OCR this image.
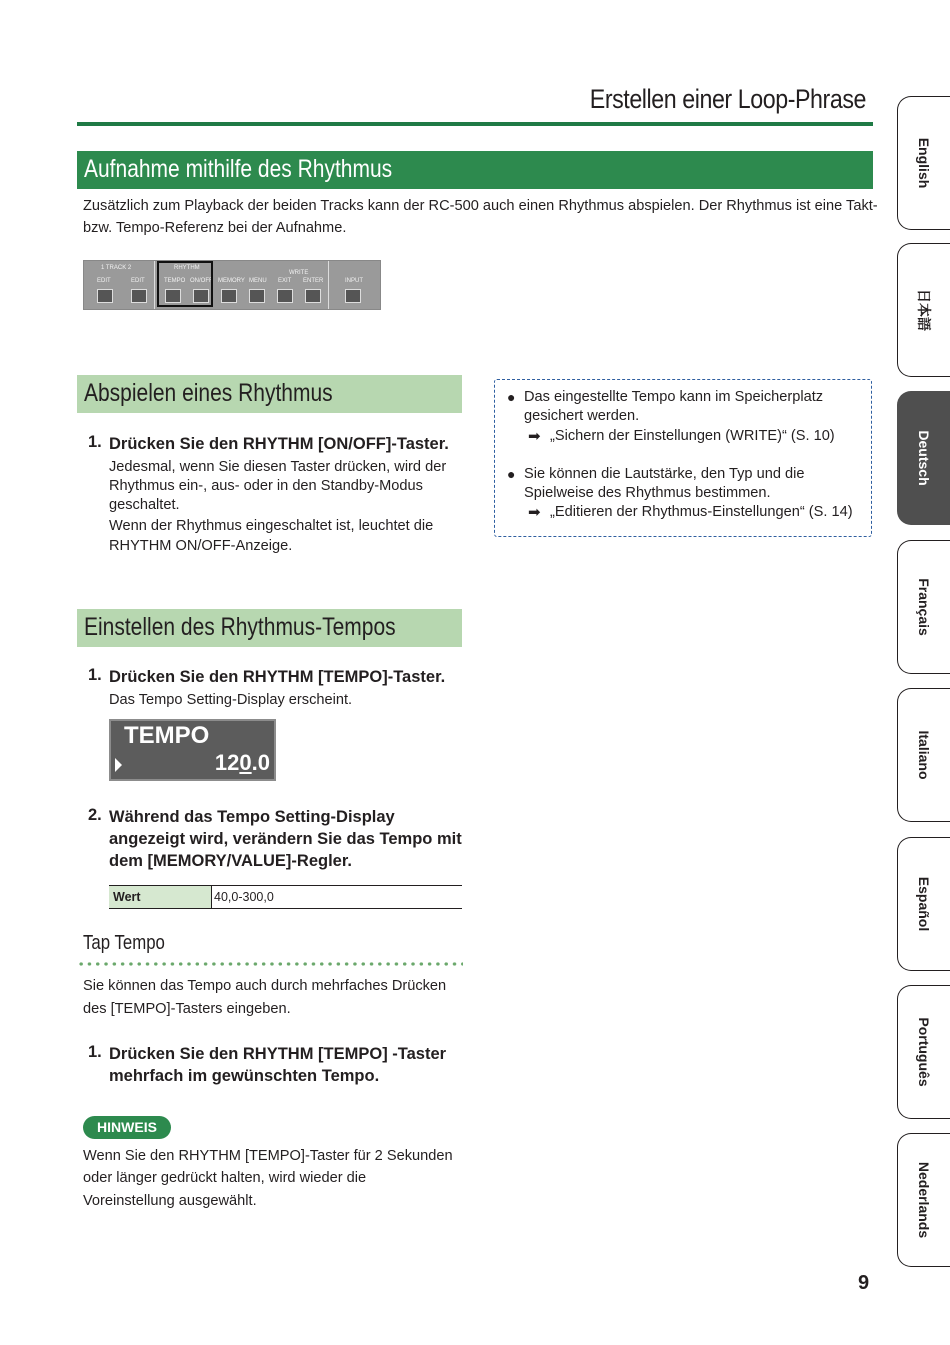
Erstellen einer Loop-Phrase
Aufnahme mithilfe des Rhythmus
Zusätzlich zum Playback der beiden Tracks kann der RC-500 auch einen Rhythmus abspielen. Der Rhythmus ist eine Takt-
bzw. Tempo-Referenz bei der Aufnahme.
1 TRACK 2	RHYTHM
WRITE
EDIT	EDIT	TEMPO ON/OFF MEMORY MENU EXIT ENTER	INPUT
Abspielen eines Rhythmus
1. Drücken Sie den RHYTHM [ON/OFF]-Taster.
Jedesmal, wenn Sie diesen Taster drücken, wird der
Rhythmus ein-, aus- oder in den Standby-Modus
geschaltet.
Wenn der Rhythmus eingeschaltet ist, leuchtet die
RHYTHM ON/OFF-Anzeige.
● Das eingestellte Tempo kann im Speicherplatz
gesichert werden.
➡ „Sichern der Einstellungen (WRITE)“ (S. 10)
● Sie können die Lautstärke, den Typ und die
Spielweise des Rhythmus bestimmen.
➡ „Editieren der Rhythmus-Einstellungen“ (S. 14)
Einstellen des Rhythmus-Tempos
1. Drücken Sie den RHYTHM [TEMPO]-Taster.
Das Tempo Setting-Display erscheint.
TEMPO
120.0
2. Während das Tempo Setting-Display
angezeigt wird, verändern Sie das Tempo mit
dem [MEMORY/VALUE]-Regler.
Wert	40,0-300,0
Tap Tempo
Sie können das Tempo auch durch mehrfaches Drücken
des [TEMPO]-Tasters eingeben.
1. Drücken Sie den RHYTHM [TEMPO] -Taster
mehrfach im gewünschten Tempo.
HINWEIS
Wenn Sie den RHYTHM [TEMPO]-Taster für 2 Sekunden
oder länger gedrückt halten, wird wieder die
Voreinstellung ausgewählt.
English
日本語
Deutsch
Français
Italiano
Español
Português
Nederlands
9
